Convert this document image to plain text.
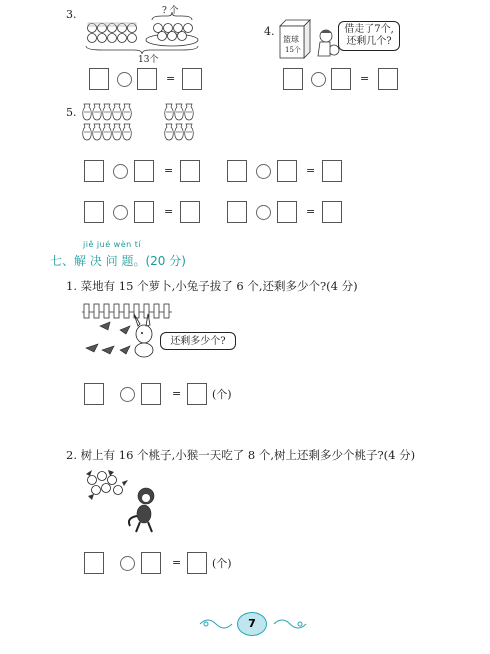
3.	? 个
13个
=
4.
篮球
15个
借走了7个,
还剩几个?
=
5.
=	=
=	=
jiě jué wèn tí
七、解 决 问 题。(20 分)
1. 菜地有 15 个萝卜,小兔子拔了 6 个,还剩多少个?(4 分)
还剩多少个?
=	(个)
2. 树上有 16 个桃子,小猴一天吃了 8 个,树上还剩多少个桃子?(4 分)
=	(个)
7
